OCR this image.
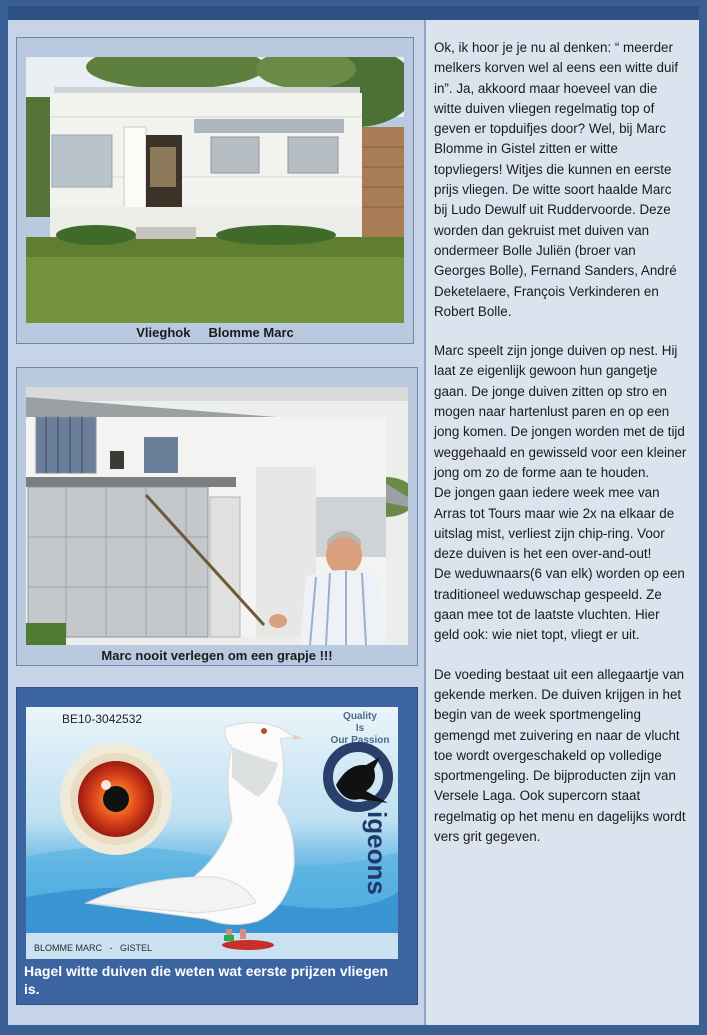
Vlieghok     Blomme Marc
Marc nooit verlegen om een grapje !!!
BE10-3042532	Quality
Is
Our Passion
igeons
BLOMME MARC   -   GISTEL
Hagel witte duiven die weten wat eerste prijzen vliegen is.

Ok, ik hoor je je nu al denken: “ meerder melkers korven wel al eens een witte duif in”. Ja, akkoord maar hoeveel van die witte duiven vliegen regelmatig top of geven er topduifjes door? Wel, bij Marc Blomme in Gistel zitten er witte topvliegers! Witjes die kunnen en eerste prijs vliegen. De witte soort haalde Marc bij Ludo Dewulf uit Ruddervoorde. Deze worden dan gekruist met duiven van ondermeer Bolle Juliën (broer van Georges Bolle), Fernand Sanders, André Deketelaere, François Verkinderen en Robert Bolle.

Marc speelt zijn jonge duiven op nest. Hij laat ze eigenlijk gewoon hun gangetje gaan. De jonge duiven zitten op stro en mogen naar hartenlust paren en op een jong komen. De jongen worden met de tijd weggehaald en gewisseld voor een kleiner jong om zo de forme aan te houden.

De jongen gaan iedere week mee van Arras tot Tours maar wie 2x na elkaar de uitslag mist, verliest zijn chip-ring. Voor deze duiven is het een over-and-out!

De weduwnaars(6 van elk) worden op een traditioneel weduwschap gespeeld. Ze gaan mee tot de laatste vluchten. Hier geld ook: wie niet topt, vliegt er uit.

De voeding bestaat uit een allegaartje van gekende merken. De duiven krijgen in het begin van de week sportmengeling gemengd met zuivering en naar de vlucht toe wordt overgeschakeld op volledige sportmengeling. De bijproducten zijn van Versele Laga. Ook supercorn staat regelmatig op het menu en dagelijks wordt vers grit gegeven.
